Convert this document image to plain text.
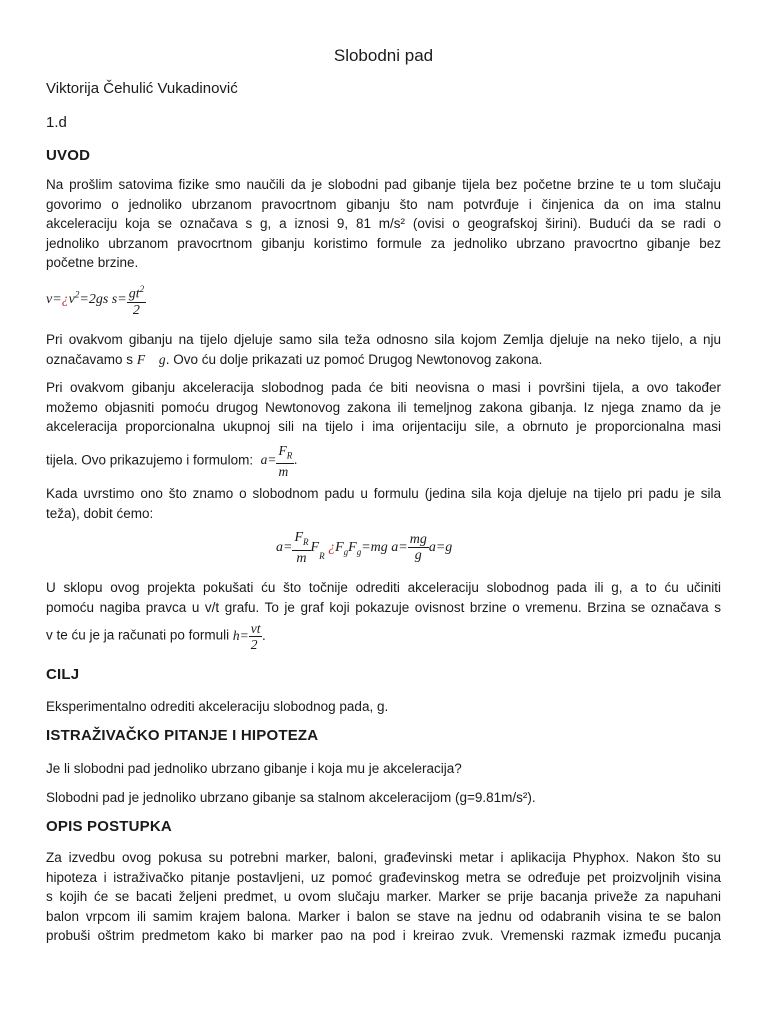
Slobodni pad
Viktorija Čehulić Vukadinović
1.d
UVOD
Na prošlim satovima fizike smo naučili da je slobodni pad gibanje tijela bez početne brzine te u tom slučaju
govorimo o jednoliko ubrzanom pravocrtnom gibanju što nam potvrđuje i činjenica da on ima stalnu
akceleraciju koja se označava s g, a iznosi 9, 81 m/s² (ovisi o geografskoj širini). Budući da se radi o
jednoliko ubrzanom pravocrtnom gibanju koristimo formule za jednoliko ubrzano pravocrtno gibanje bez
početne brzine.
$v=¿v^2=2gs$ $s= \frac{gt^2}{2}$
Pri ovakvom gibanju na tijelo djeluje samo sila teža odnosno sila kojom Zemlja djeluje na neko tijelo, a nju
označavamo s F⃗ g. Ovo ću dolje prikazati uz pomoć Drugog Newtonovog zakona.
Pri ovakvom gibanju akceleracija slobodnog pada će biti neovisna o masi i površini tijela, a ovo također
možemo objasniti pomoću drugog Newtonovog zakona ili temeljnog zakona gibanja. Iz njega znamo da je
akceleracija proporcionalna ukupnoj sili na tijelo i ima orijentaciju sile, a obrnuto je proporcionalna masi
tijela. Ovo prikazujemo i formulom: $a= \frac{F_R}{m}$ .
Kada uvrstimo ono što znamo o slobodnom padu u formulu (jedina sila koja djeluje na tijelo pri padu je sila
teža), dobit ćemo:
$a= \frac{F_R}{m} F_R$ ¿$F_gF_g=mg$ $a= \frac{mg}{g} a=g$
U sklopu ovog projekta pokušati ću što točnije odrediti akceleraciju slobodnog pada ili g, a to ću učiniti
pomoću nagiba pravca u v/t grafu. To je graf koji pokazuje ovisnost brzine o vremenu. Brzina se označava s
v te ću je ja računati po formuli $h= \frac{vt}{2}$ .
CILJ
Eksperimentalno odrediti akceleraciju slobodnog pada, g.
ISTRAŽIVAČKO PITANJE I HIPOTEZA
Je li slobodni pad jednoliko ubrzano gibanje i koja mu je akceleracija?
Slobodni pad je jednoliko ubrzano gibanje sa stalnom akceleracijom (g=9.81m/s²).
OPIS POSTUPKA
Za izvedbu ovog pokusa su potrebni marker, baloni, građevinski metar i aplikacija Phyphox. Nakon što su
hipoteza i istraživačko pitanje postavljeni, uz pomoć građevinskog metra se određuje pet proizvoljnih visina
s kojih će se bacati željeni predmet, u ovom slučaju marker. Marker se prije bacanja priveže za napuhani
balon vrpcom ili samim krajem balona. Marker i balon se stave na jednu od odabranih visina te se balon
probuši oštrim predmetom kako bi marker pao na pod i kreirao zvuk. Vremenski razmak između pucanja
